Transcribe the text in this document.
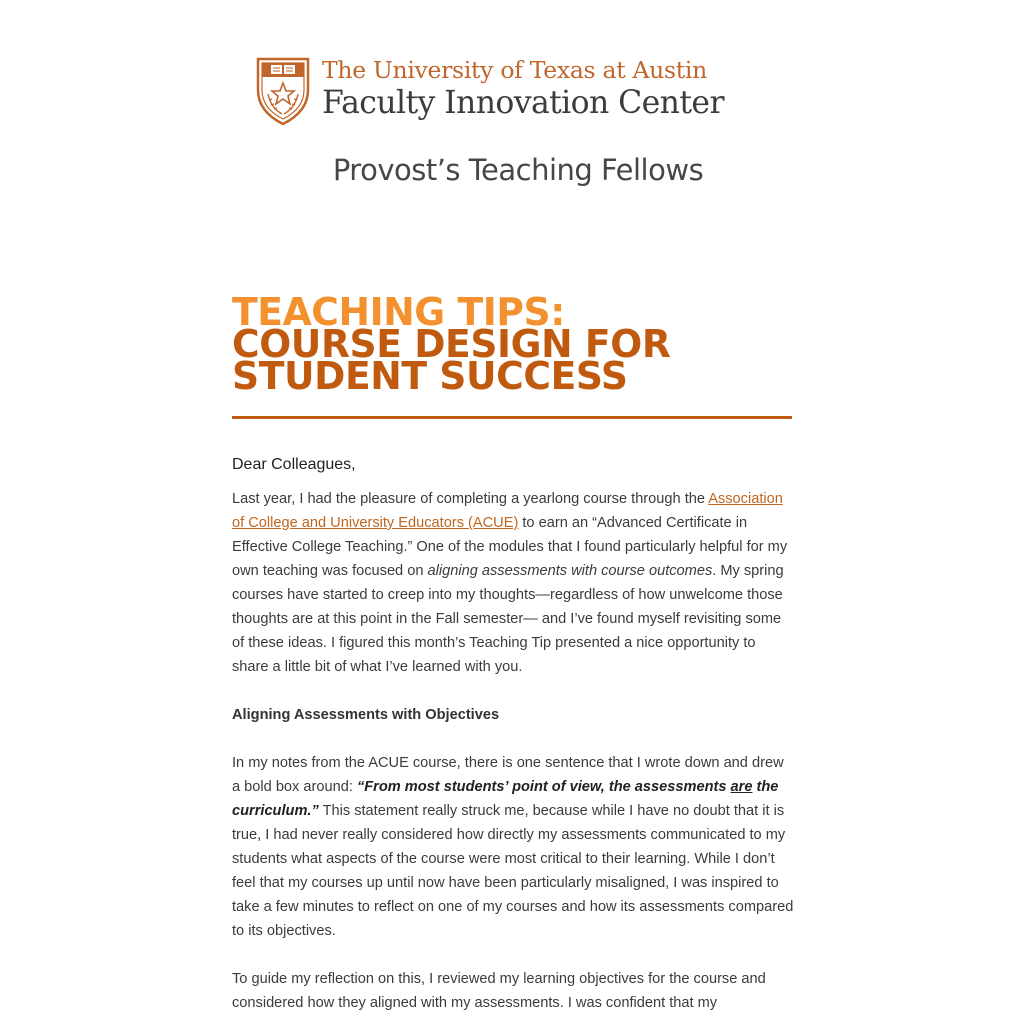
The University of Texas at Austin
Faculty Innovation Center
Provost’s Teaching Fellows
TEACHING TIPS:
COURSE DESIGN FOR
STUDENT SUCCESS
Dear Colleagues,

Last year, I had the pleasure of completing a yearlong course through the Association of College and University Educators (ACUE) to earn an “Advanced Certificate in Effective College Teaching.” One of the modules that I found particularly helpful for my own teaching was focused on aligning assessments with course outcomes. My spring courses have started to creep into my thoughts—regardless of how unwelcome those thoughts are at this point in the Fall semester— and I’ve found myself revisiting some of these ideas. I figured this month’s Teaching Tip presented a nice opportunity to share a little bit of what I’ve learned with you.

Aligning Assessments with Objectives

In my notes from the ACUE course, there is one sentence that I wrote down and drew a bold box around: “From most students’ point of view, the assessments are the curriculum.” This statement really struck me, because while I have no doubt that it is true, I had never really considered how directly my assessments communicated to my students what aspects of the course were most critical to their learning. While I don’t feel that my courses up until now have been particularly misaligned, I was inspired to take a few minutes to reflect on one of my courses and how its assessments compared to its objectives.

To guide my reflection on this, I reviewed my learning objectives for the course and considered how they aligned with my assessments. I was confident that my
